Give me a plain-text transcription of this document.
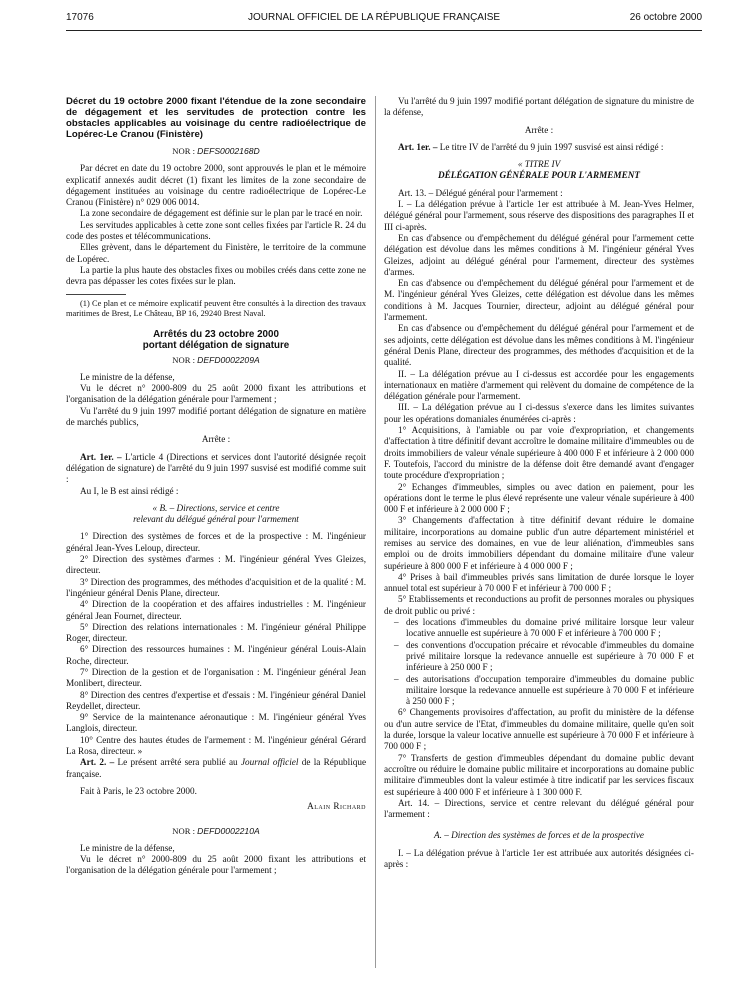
17076	JOURNAL OFFICIEL DE LA RÉPUBLIQUE FRANÇAISE	26 octobre 2000
Décret du 19 octobre 2000 fixant l'étendue de la zone secondaire de dégagement et les servitudes de protection contre les obstacles applicables au voisinage du centre radioélectrique de Lopérec-Le Cranou (Finistère)
NOR : DEFS0002168D

Par décret en date du 19 octobre 2000, sont approuvés le plan et le mémoire explicatif annexés audit décret (1) fixant les limites de la zone secondaire de dégagement instituées au voisinage du centre radioélectrique de Lopérec-Le Cranou (Finistère) n° 029 006 0014.

La zone secondaire de dégagement est définie sur le plan par le tracé en noir.

Les servitudes applicables à cette zone sont celles fixées par l'article R. 24 du code des postes et télécommunications.

Elles grèvent, dans le département du Finistère, le territoire de la commune de Lopérec.

La partie la plus haute des obstacles fixes ou mobiles créés dans cette zone ne devra pas dépasser les cotes fixées sur le plan.

(1) Ce plan et ce mémoire explicatif peuvent être consultés à la direction des travaux maritimes de Brest, Le Château, BP 16, 29240 Brest Naval.

Arrêtés du 23 octobre 2000
portant délégation de signature
NOR : DEFD0002209A

Le ministre de la défense,

Vu le décret n° 2000-809 du 25 août 2000 fixant les attributions et l'organisation de la délégation générale pour l'armement ;

Vu l'arrêté du 9 juin 1997 modifié portant délégation de signature en matière de marchés publics,

Arrête :

Art. 1er. – L'article 4 (Directions et services dont l'autorité désignée reçoit délégation de signature) de l'arrêté du 9 juin 1997 susvisé est modifié comme suit :

Au I, le B est ainsi rédigé :

« B. – Directions, service et centre

relevant du délégué général pour l'armement

1° Direction des systèmes de forces et de la prospective : M. l'ingénieur général Jean-Yves Leloup, directeur.

2° Direction des systèmes d'armes : M. l'ingénieur général Yves Gleizes, directeur.

3° Direction des programmes, des méthodes d'acquisition et de la qualité : M. l'ingénieur général Denis Plane, directeur.

4° Direction de la coopération et des affaires industrielles : M. l'ingénieur général Jean Fournet, directeur.

5° Direction des relations internationales : M. l'ingénieur général Philippe Roger, directeur.

6° Direction des ressources humaines : M. l'ingénieur général Louis-Alain Roche, directeur.

7° Direction de la gestion et de l'organisation : M. l'ingénieur général Jean Monlibert, directeur.

8° Direction des centres d'expertise et d'essais : M. l'ingénieur général Daniel Reydellet, directeur.

9° Service de la maintenance aéronautique : M. l'ingénieur général Yves Langlois, directeur.

10° Centre des hautes études de l'armement : M. l'ingénieur général Gérard La Rosa, directeur. »

Art. 2. – Le présent arrêté sera publié au Journal officiel de la République française.

Fait à Paris, le 23 octobre 2000.

Alain Richard
NOR : DEFD0002210A

Le ministre de la défense,

Vu le décret n° 2000-809 du 25 août 2000 fixant les attributions et l'organisation de la délégation générale pour l'armement ;

Vu l'arrêté du 9 juin 1997 modifié portant délégation de signature du ministre de la défense,

Arrête :

Art. 1er. – Le titre IV de l'arrêté du 9 juin 1997 susvisé est ainsi rédigé :

« TITRE IV

DÉLÉGATION GÉNÉRALE POUR L'ARMEMENT

Art. 13. – Délégué général pour l'armement :

I. – La délégation prévue à l'article 1er est attribuée à M. Jean-Yves Helmer, délégué général pour l'armement, sous réserve des dispositions des paragraphes II et III ci-après.

En cas d'absence ou d'empêchement du délégué général pour l'armement cette délégation est dévolue dans les mêmes conditions à M. l'ingénieur général Yves Gleizes, adjoint au délégué général pour l'armement, directeur des systèmes d'armes.

En cas d'absence ou d'empêchement du délégué général pour l'armement et de M. l'ingénieur général Yves Gleizes, cette délégation est dévolue dans les mêmes conditions à M. Jacques Tournier, directeur, adjoint au délégué général pour l'armement.

En cas d'absence ou d'empêchement du délégué général pour l'armement et de ses adjoints, cette délégation est dévolue dans les mêmes conditions à M. l'ingénieur général Denis Plane, directeur des programmes, des méthodes d'acquisition et de la qualité.

II. – La délégation prévue au I ci-dessus est accordée pour les engagements internationaux en matière d'armement qui relèvent du domaine de compétence de la délégation générale pour l'armement.

III. – La délégation prévue au I ci-dessus s'exerce dans les limites suivantes pour les opérations domaniales énumérées ci-après :

1° Acquisitions, à l'amiable ou par voie d'expropriation, et changements d'affectation à titre définitif devant accroître le domaine militaire d'immeubles ou de droits immobiliers de valeur vénale supérieure à 400 000 F et inférieure à 2 000 000 F. Toutefois, l'accord du ministre de la défense doit être demandé avant d'engager toute procédure d'expropriation ;

2° Echanges d'immeubles, simples ou avec dation en paiement, pour les opérations dont le terme le plus élevé représente une valeur vénale supérieure à 400 000 F et inférieure à 2 000 000 F ;

3° Changements d'affectation à titre définitif devant réduire le domaine militaire, incorporations au domaine public d'un autre département ministériel et remises au service des domaines, en vue de leur aliénation, d'immeubles sans emploi ou de droits immobiliers dépendant du domaine militaire d'une valeur supérieure à 800 000 F et inférieure à 4 000 000 F ;

4° Prises à bail d'immeubles privés sans limitation de durée lorsque le loyer annuel total est supérieur à 70 000 F et inférieur à 700 000 F ;

5° Etablissements et reconductions au profit de personnes morales ou physiques de droit public ou privé :

– des locations d'immeubles du domaine privé militaire lorsque leur valeur locative annuelle est supérieure à 70 000 F et inférieure à 700 000 F ;

– des conventions d'occupation précaire et révocable d'immeubles du domaine privé militaire lorsque la redevance annuelle est supérieure à 70 000 F et inférieure à 250 000 F ;

– des autorisations d'occupation temporaire d'immeubles du domaine public militaire lorsque la redevance annuelle est supérieure à 70 000 F et inférieure à 250 000 F ;

6° Changements provisoires d'affectation, au profit du ministère de la défense ou d'un autre service de l'Etat, d'immeubles du domaine militaire, quelle qu'en soit la durée, lorsque la valeur locative annuelle est supérieure à 70 000 F et inférieure à 700 000 F ;

7° Transferts de gestion d'immeubles dépendant du domaine public devant accroître ou réduire le domaine public militaire et incorporations au domaine public militaire d'immeubles dont la valeur estimée à titre indicatif par les services fiscaux est supérieure à 400 000 F et inférieure à 1 300 000 F.

Art. 14. – Directions, service et centre relevant du délégué général pour l'armement :

A. – Direction des systèmes de forces et de la prospective

I. – La délégation prévue à l'article 1er est attribuée aux autorités désignées ci-après :
